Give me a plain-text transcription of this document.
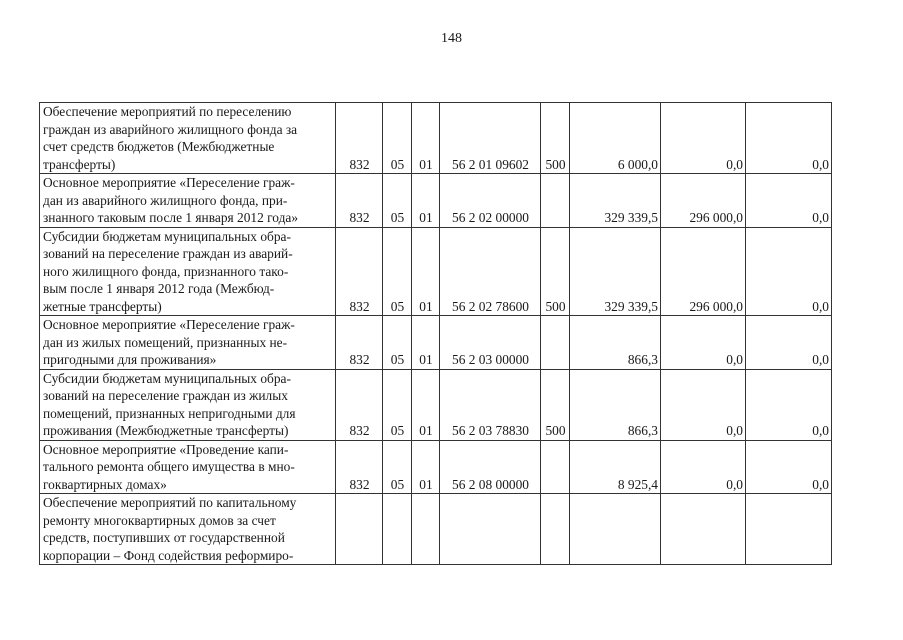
148
Обеспечение мероприятий по переселению
граждан из аварийного жилищного фонда за
счет средств бюджетов (Межбюджетные
трансферты)	832	05	01	56 2 01 09602	500	6 000,0	0,0	0,0

Основное мероприятие «Переселение граж-
дан из аварийного жилищного фонда, при-
знанного таковым после 1 января 2012 года»	832	05	01	56 2 02 00000		329 339,5	296 000,0	0,0

Субсидии бюджетам муниципальных обра-
зований на переселение граждан из аварий-
ного жилищного фонда, признанного тако-
вым после 1 января 2012 года (Межбюд-
жетные трансферты)	832	05	01	56 2 02 78600	500	329 339,5	296 000,0	0,0

Основное мероприятие «Переселение граж-
дан из жилых помещений, признанных не-
пригодными для проживания»	832	05	01	56 2 03 00000		866,3	0,0	0,0

Субсидии бюджетам муниципальных обра-
зований на переселение граждан из жилых
помещений, признанных непригодными для
проживания (Межбюджетные трансферты)	832	05	01	56 2 03 78830	500	866,3	0,0	0,0

Основное мероприятие «Проведение капи-
тального ремонта общего имущества в мно-
гоквартирных домах»	832	05	01	56 2 08 00000		8 925,4	0,0	0,0

Обеспечение мероприятий по капитальному
ремонту многоквартирных домов за счет
средств, поступивших от государственной
корпорации – Фонд содействия реформиро-								
